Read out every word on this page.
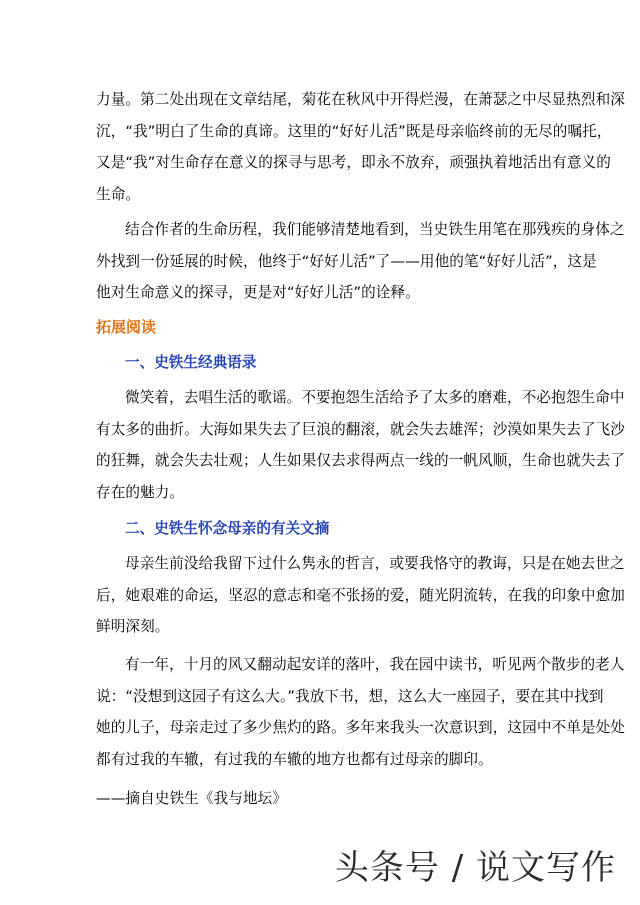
力量。第二处出现在文章结尾，菊花在秋风中开得烂漫，在萧瑟之中尽显热烈和深

沉，“我”明白了生命的真谛。这里的“好好儿活”既是母亲临终前的无尽的嘱托，

又是“我”对生命存在意义的探寻与思考，即永不放弃，顽强执着地活出有意义的

生命。

结合作者的生命历程，我们能够清楚地看到，当史铁生用笔在那残疾的身体之

外找到一份延展的时候，他终于“好好儿活”了——用他的笔“好好儿活”，这是

他对生命意义的探寻，更是对“好好儿活”的诠释。

拓展阅读

一、史铁生经典语录

微笑着，去唱生活的歌谣。不要抱怨生活给予了太多的磨难，不必抱怨生命中

有太多的曲折。大海如果失去了巨浪的翻滚，就会失去雄浑；沙漠如果失去了飞沙

的狂舞，就会失去壮观；人生如果仅去求得两点一线的一帆风顺，生命也就失去了

存在的魅力。

二、史铁生怀念母亲的有关文摘

母亲生前没给我留下过什么隽永的哲言，或要我恪守的教诲，只是在她去世之

后，她艰难的命运，坚忍的意志和毫不张扬的爱，随光阴流转，在我的印象中愈加

鲜明深刻。

有一年，十月的风又翻动起安详的落叶，我在园中读书，听见两个散步的老人

说：“没想到这园子有这么大。”我放下书，想，这么大一座园子，要在其中找到

她的儿子，母亲走过了多少焦灼的路。多年来我头一次意识到，这园中不单是处处

都有过我的车辙，有过我的车辙的地方也都有过母亲的脚印。

——摘自史铁生《我与地坛》

头条号 / 说文写作
